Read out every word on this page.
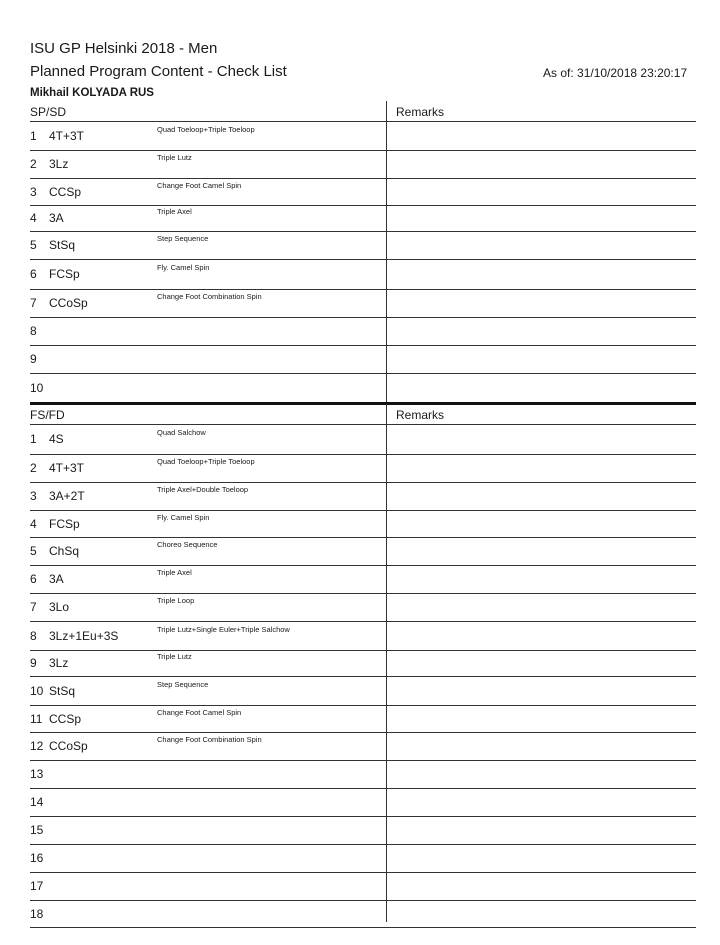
ISU GP Helsinki 2018 - Men
Planned Program Content - Check List	As of: 31/10/2018 23:20:17
Mikhail KOLYADA RUS
SP/SD	Remarks
1 4T+3T	Quad Toeloop+Triple Toeloop
2 3Lz	Triple Lutz
3 CCSp	Change Foot Camel Spin
4 3A	Triple Axel
5 StSq	Step Sequence
6 FCSp	Fly. Camel Spin
7 CCoSp	Change Foot Combination Spin
8
9
10
FS/FD	Remarks
1 4S	Quad Salchow
2 4T+3T	Quad Toeloop+Triple Toeloop
3 3A+2T	Triple Axel+Double Toeloop
4 FCSp	Fly. Camel Spin
5 ChSq	Choreo Sequence
6 3A	Triple Axel
7 3Lo	Triple Loop
8 3Lz+1Eu+3S	Triple Lutz+Single Euler+Triple Salchow
9 3Lz	Triple Lutz
10 StSq	Step Sequence
11 CCSp	Change Foot Camel Spin
12 CCoSp	Change Foot Combination Spin
13
14
15
16
17
18
